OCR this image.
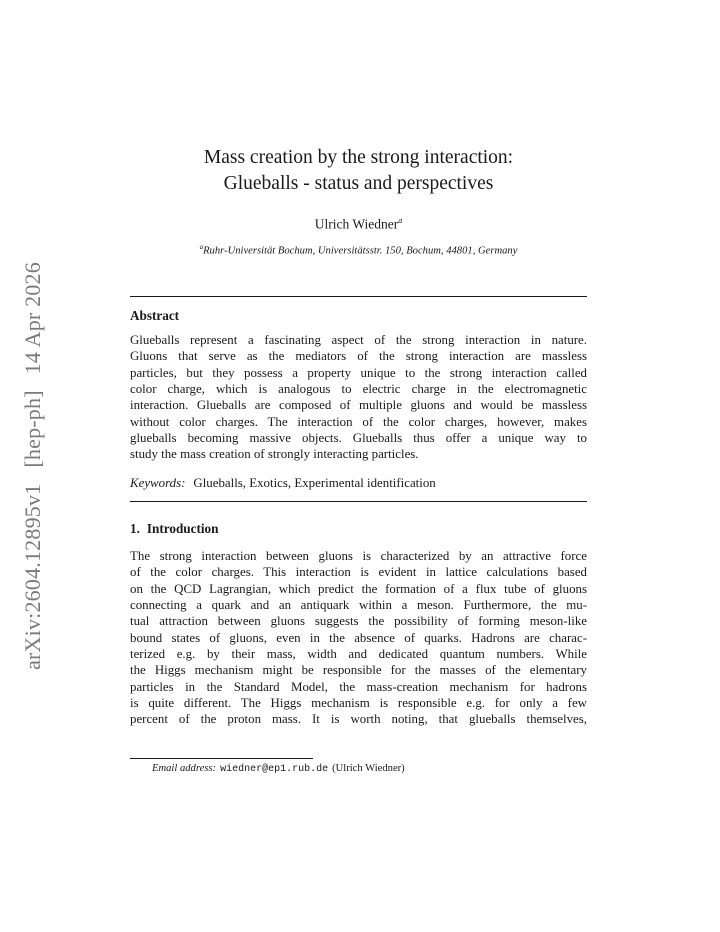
arXiv:2604.12895v1[hep-ph]14 Apr 2026
Mass creation by the strong interaction:
Glueballs - status and perspectives
Ulrich Wiedner$^a$
$^a$Ruhr-Universität Bochum, Universitätsstr. 150, Bochum, 44801, Germany
Abstract
Glueballs represent a fascinating aspect of the strong interaction in nature.
Gluons that serve as the mediators of the strong interaction are massless
particles, but they possess a property unique to the strong interaction called
color charge, which is analogous to electric charge in the electromagnetic
interaction. Glueballs are composed of multiple gluons and would be massless
without color charges. The interaction of the color charges, however, makes
glueballs becoming massive objects. Glueballs thus offer a unique way to
study the mass creation of strongly interacting particles.
Keywords: Glueballs, Exotics, Experimental identification
1. Introduction
The strong interaction between gluons is characterized by an attractive force
of the color charges. This interaction is evident in lattice calculations based
on the QCD Lagrangian, which predict the formation of a flux tube of gluons
connecting a quark and an antiquark within a meson. Furthermore, the mu-
tual attraction between gluons suggests the possibility of forming meson-like
bound states of gluons, even in the absence of quarks. Hadrons are charac-
terized e.g. by their mass, width and dedicated quantum numbers. While
the Higgs mechanism might be responsible for the masses of the elementary
particles in the Standard Model, the mass-creation mechanism for hadrons
is quite different. The Higgs mechanism is responsible e.g. for only a few
percent of the proton mass. It is worth noting, that glueballs themselves,
Email address: wiedner@ep1.rub.de (Ulrich Wiedner)
